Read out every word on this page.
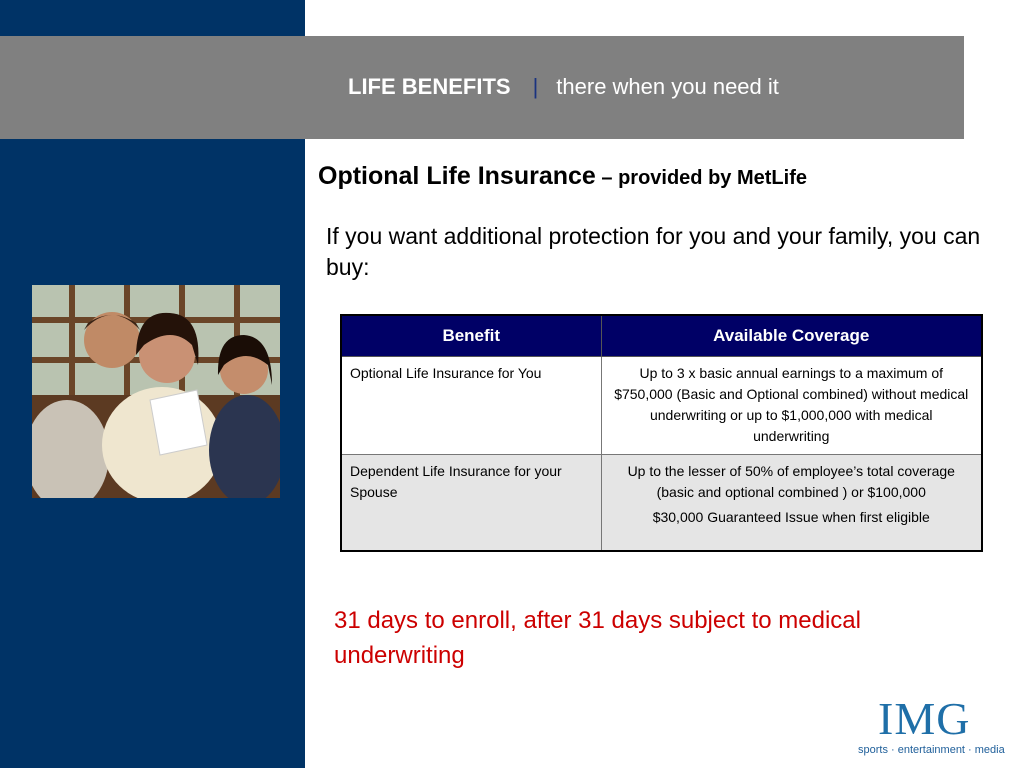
LIFE BENEFITS | there when you need it
Optional Life Insurance – provided by MetLife
If you want additional protection for you and your family, you can buy:
Benefit	Available Coverage
Optional Life Insurance for You	Up to 3 x basic annual earnings to a maximum of $750,000 (Basic and Optional combined) without medical underwriting or up to $1,000,000 with medical underwriting

Dependent Life Insurance for your Spouse	Up to the lesser of 50% of employee’s total coverage (basic and optional combined ) or $100,000
$30,000 Guaranteed Issue when first eligible
31 days to enroll, after 31 days subject to medical underwriting
IMG
sports · entertainment · media
